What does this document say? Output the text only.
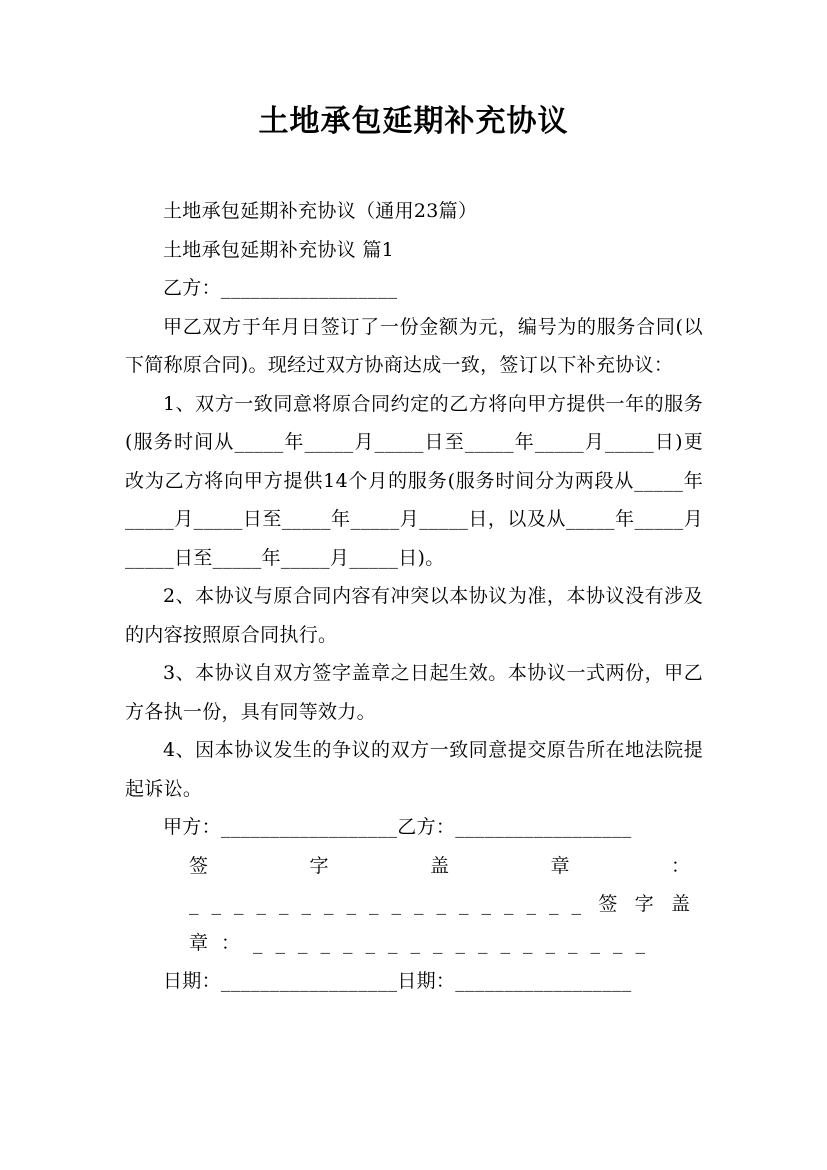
土地承包延期补充协议

土地承包延期补充协议（通用23篇）

土地承包延期补充协议 篇1

乙方：__________________

甲乙双方于年月日签订了一份金额为元，编号为的服务合同(以下简称原合同)。现经过双方协商达成一致，签订以下补充协议：

1、双方一致同意将原合同约定的乙方将向甲方提供一年的服务(服务时间从_____年_____月_____日至_____年_____月_____日)更改为乙方将向甲方提供14个月的服务(服务时间分为两段从_____年_____月_____日至_____年_____月_____日，以及从_____年_____月_____日至_____年_____月_____日)。

2、本协议与原合同内容有冲突以本协议为准，本协议没有涉及的内容按照原合同执行。

3、本协议自双方签字盖章之日起生效。本协议一式两份，甲乙方各执一份，具有同等效力。

4、因本协议发生的争议的双方一致同意提交原告所在地法院提起诉讼。

甲方：__________________乙方：__________________

签字盖章：__________________签字盖章：__________________

日期：__________________日期：__________________
